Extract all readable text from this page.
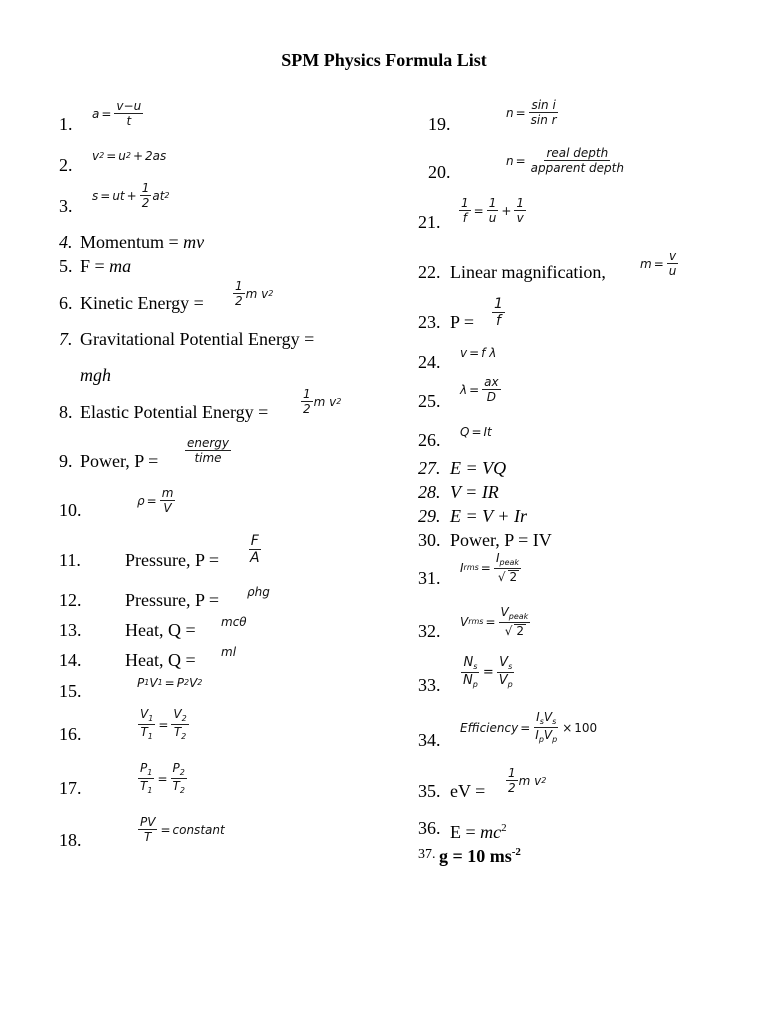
SPM Physics Formula List
1.
$a = \frac{v-u}{t}$
2. v 2 = u 2 + 2as
3.
s = ut + $\frac{1}{2}$ at 2
4. Momentum = mv
5. F = ma
6. Kinetic Energy = $\frac{1}{2}$ m v 2
7. Gravitational Potential Energy =
mgh
8. Elastic Potential Energy =	$\frac{1}{2}$ m v 2
9. Power, $P = \frac{\text{energy}}{\text{time}}$
10.	$\rho = \frac{m}{V}$
11. Pressure, $P = \frac{F}{A}$
12. Pressure, P = ρhg
13. Heat, Q = mcθ
14. Heat, Q = ml
15.	P 1 V 1 = P 2 V 2
16.	$\frac{V_1}{T_1} = \frac{V_2}{T_2}$
17.	$\frac{P_1}{T_1} = \frac{P_2}{T_2}$
18.	$\frac{PV}{T}$ = constant
19.
$n = \frac{\text{sin i}}{\text{sin r}}$
20.
$n = \frac{\text{real depth}}{\text{apparent depth}}$
21. $\frac{1}{f} = \frac{1}{u} + \frac{1}{v}$
22. Linear magnification,	$m = \frac{v}{u}$
23. $P = \frac{1}{f}$
24. v = f λ
25.
$\lambda = \frac{ax}{D}$
26. Q = It
27. E = VQ
28. V = IR
29. E = V + Ir
30. Power, P = IV
31.
I rms = $\frac{I_{peak}}{√ 2}$
32. V rms = $\frac{V_{peak}}{√ 2}$
33. $\frac{N_s}{N_p} = \frac{V_s}{V_p}$
34.
Efficiency = $\frac{I_sV_s}{I_pV_p} \times 100$
35. eV = $\frac{1}{2}$ m v 2
36. $E = mc^2$
37. g = 10 $ms^{-2}$
